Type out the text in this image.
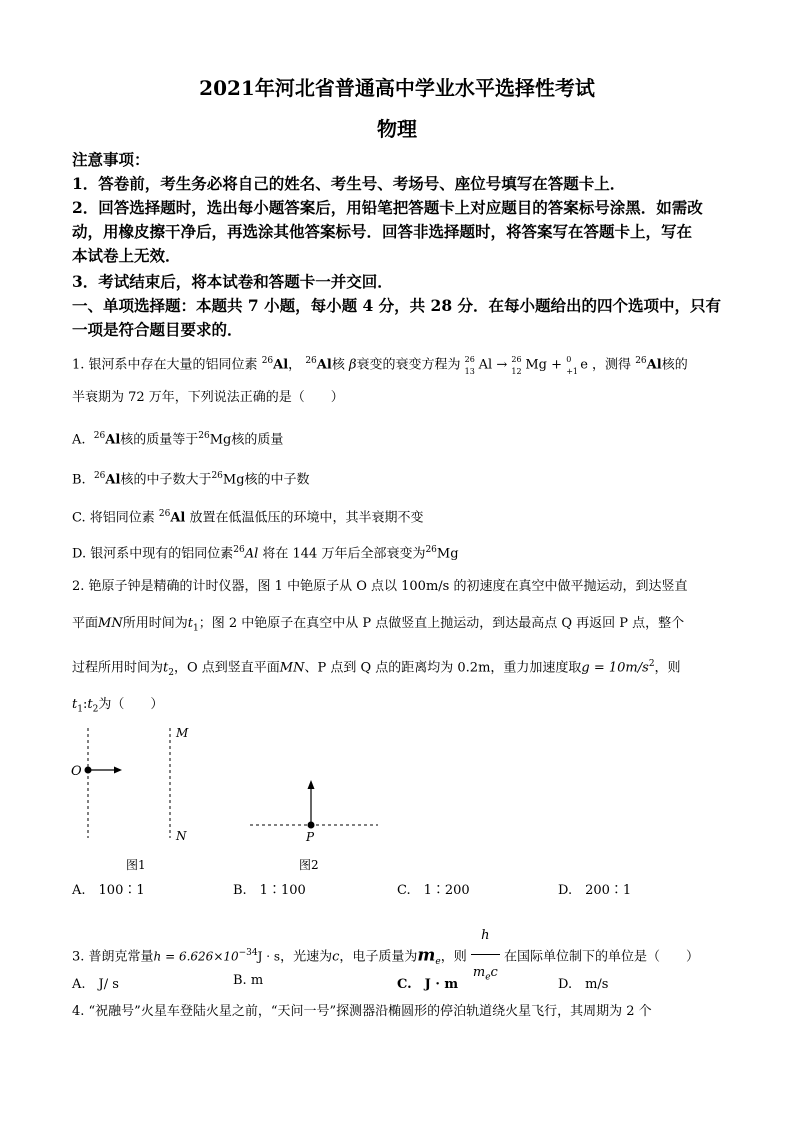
2021年河北省普通高中学业水平选择性考试
物理
注意事项：
1．答卷前，考生务必将自己的姓名、考生号、考场号、座位号填写在答题卡上．
2．回答选择题时，选出每小题答案后，用铅笔把答题卡上对应题目的答案标号涂黑．如需改
动，用橡皮擦干净后，再选涂其他答案标号．回答非选择题时，将答案写在答题卡上，写在
本试卷上无效．
3．考试结束后，将本试卷和答题卡一并交回．
一、单项选择题：本题共 7 小题，每小题 4 分，共 28 分．在每小题给出的四个选项中，只有
一项是符合题目要求的．
1. 银河系中存在大量的铝同位素 $^{26}$Al， $^{26}$Al核 β衰变的衰变方程为 26
13 Al → 26
12 Mg + 0
+1 e ，测得 $^{26}$Al核的
半衰期为 72 万年，下列说法正确的是（　　）
A. $^{26}$Al核的质量等于$^{26}$Mg核的质量
B. $^{26}$Al核的中子数大于$^{26}$Mg核的中子数
C. 将铝同位素 $^{26}$Al 放置在低温低压的环境中，其半衰期不变
D. 银河系中现有的铝同位素$^{26}$Al 将在 144 万年后全部衰变为$^{26}$Mg
2. 铯原子钟是精确的计时仪器，图 1 中铯原子从 O 点以 100m/s 的初速度在真空中做平抛运动，到达竖直
平面MN所用时间为$t_1$；图 2 中铯原子在真空中从 P 点做竖直上抛运动，到达最高点 Q 再返回 P 点，整个
过程所用时间为$t_2$，O 点到竖直平面MN、P 点到 Q 点的距离均为 0.2m，重力加速度取$g = 10m/s^2$，则
$t_1:t_2$为（　　）
O
M
N	P
图1	图2
A.　100∶1	B.　1∶100	C.　1∶200	D.　200∶1
3. 普朗克常量$h = 6.626\times 10^{-34}J \cdot s$，光速为c，电子质量为$m_e$，则 $\frac{h}{m_ec}$ 在国际单位制下的单位是（　　）
A.　J/ s	B. m	C.　J · m	D.　m/s
4. “祝融号”火星车登陆火星之前，“天问一号”探测器沿椭圆形的停泊轨道绕火星飞行，其周期为 2 个
